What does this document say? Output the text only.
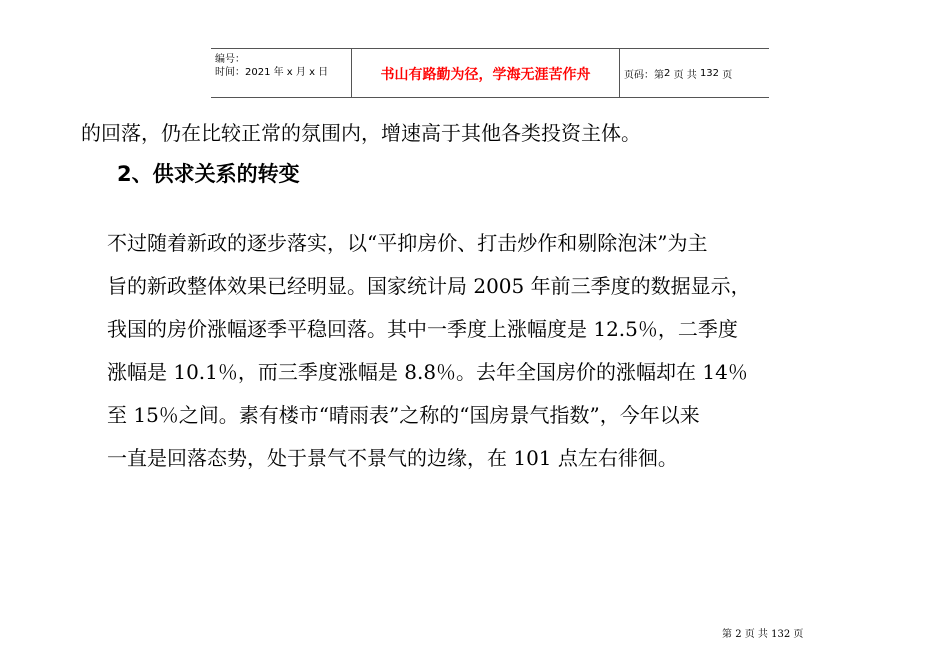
编号：
时间：2021 年 x 月 x 日	书山有路勤为径，学海无涯苦作舟	页码：第 2
页 共
132
页
的回落，仍在比较正常的氛围内，增速高于其他各类投资主体。
2、供求关系的转变
不过随着新政的逐步落实，以“平抑房价、打击炒作和剔除泡沫”为主
旨的新政整体效果已经明显。国家统计局 2005 年前三季度的数据显示，
我国的房价涨幅逐季平稳回落。其中一季度上涨幅度是 12.5％，二季度
涨幅是 10.1％，而三季度涨幅是 8.8％。去年全国房价的涨幅却在 14％
至 15％之间。素有楼市“晴雨表”之称的“国房景气指数”，今年以来
一直是回落态势，处于景气不景气的边缘，在 101 点左右徘徊。
第 2 页 共 132 页
